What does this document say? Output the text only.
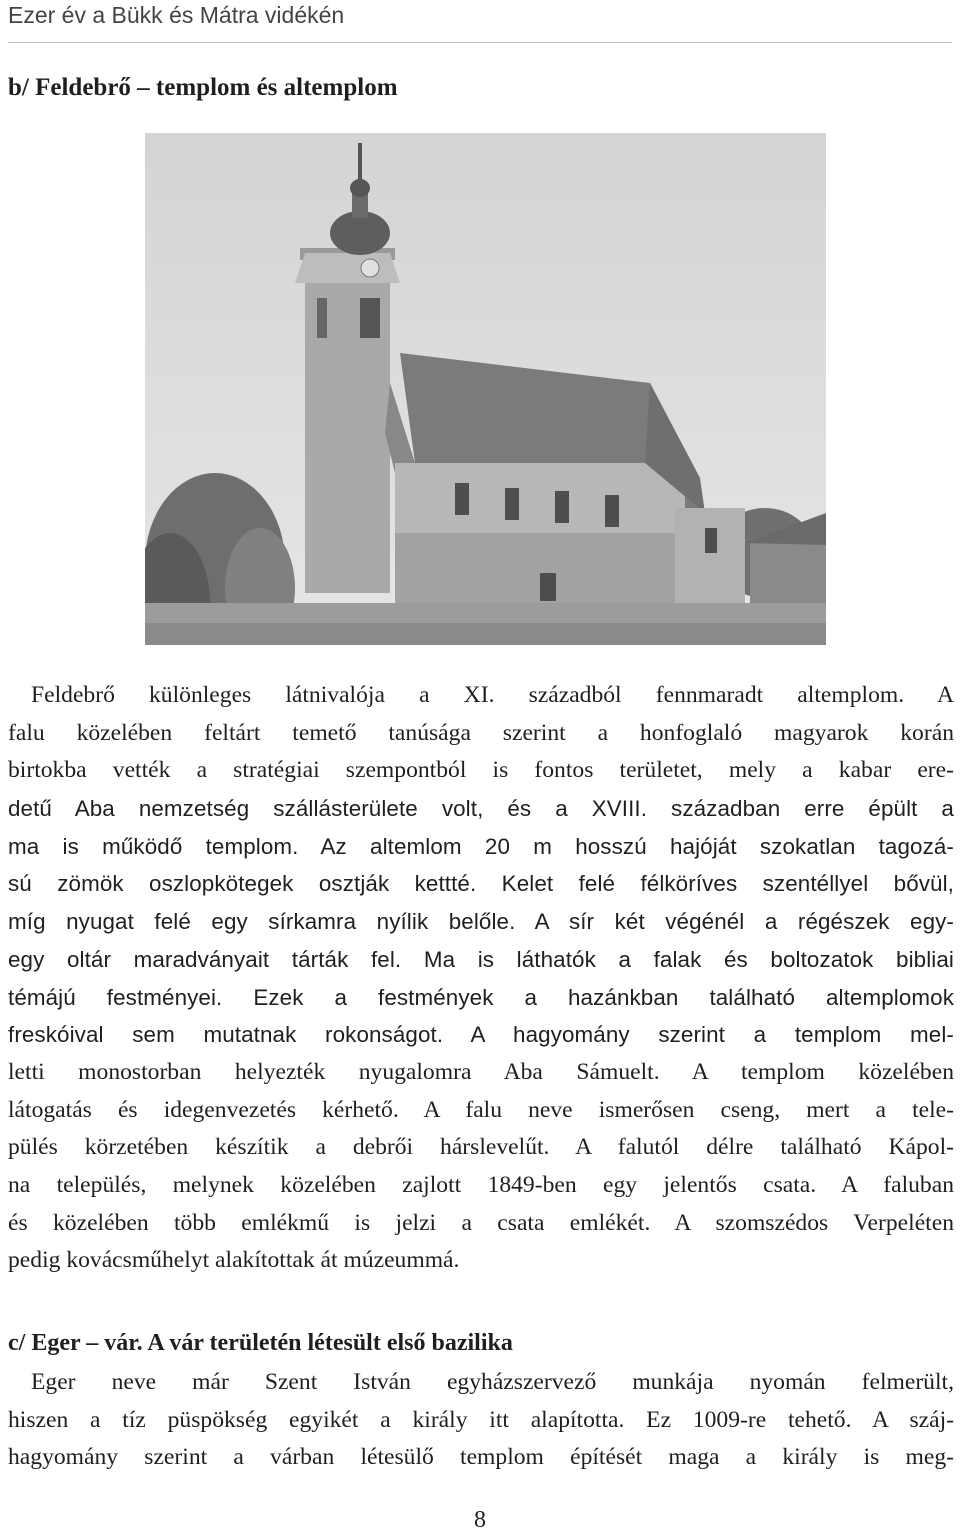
Ezer év a Bükk és Mátra vidékén
b/ Feldebrő – templom és altemplom
Feldebrő különleges látnivalója a XI. századból fennmaradt altemplom. A
falu közelében feltárt temető tanúsága szerint a honfoglaló magyarok korán
birtokba vették a stratégiai szempontból is fontos területet, mely a kabar ere-
detű Aba nemzetség szállásterülete volt, és a XVIII. században erre épült a
ma is működő templom. Az altemlom 20 m hosszú hajóját szokatlan tagozá-
sú zömök oszlopkötegek osztják kettté. Kelet felé félköríves szentéllyel bővül,
míg nyugat felé egy sírkamra nyílik belőle. A sír két végénél a régészek egy-
egy oltár maradványait tárták fel. Ma is láthatók a falak és boltozatok bibliai
témájú festményei. Ezek a festmények a hazánkban található altemplomok
freskóival sem mutatnak rokonságot. A hagyomány szerint a templom mel-
letti monostorban helyezték nyugalomra Aba Sámuelt. A templom közelében
látogatás és idegenvezetés kérhető. A falu neve ismerősen cseng, mert a tele-
pülés körzetében készítik a debrői hárslevelűt. A falutól délre található Kápol-
na település, melynek közelében zajlott 1849-ben egy jelentős csata. A faluban
és közelében több emlékmű is jelzi a csata emlékét. A szomszédos Verpeléten
pedig kovácsműhelyt alakítottak át múzeummá.
c/ Eger – vár. A vár területén létesült első bazilika
Eger neve már Szent István egyházszervező munkája nyomán felmerült,
hiszen a tíz püspökség egyikét a király itt alapította. Ez 1009-re tehető. A száj-
hagyomány szerint a várban létesülő templom építését maga a király is meg-
8
